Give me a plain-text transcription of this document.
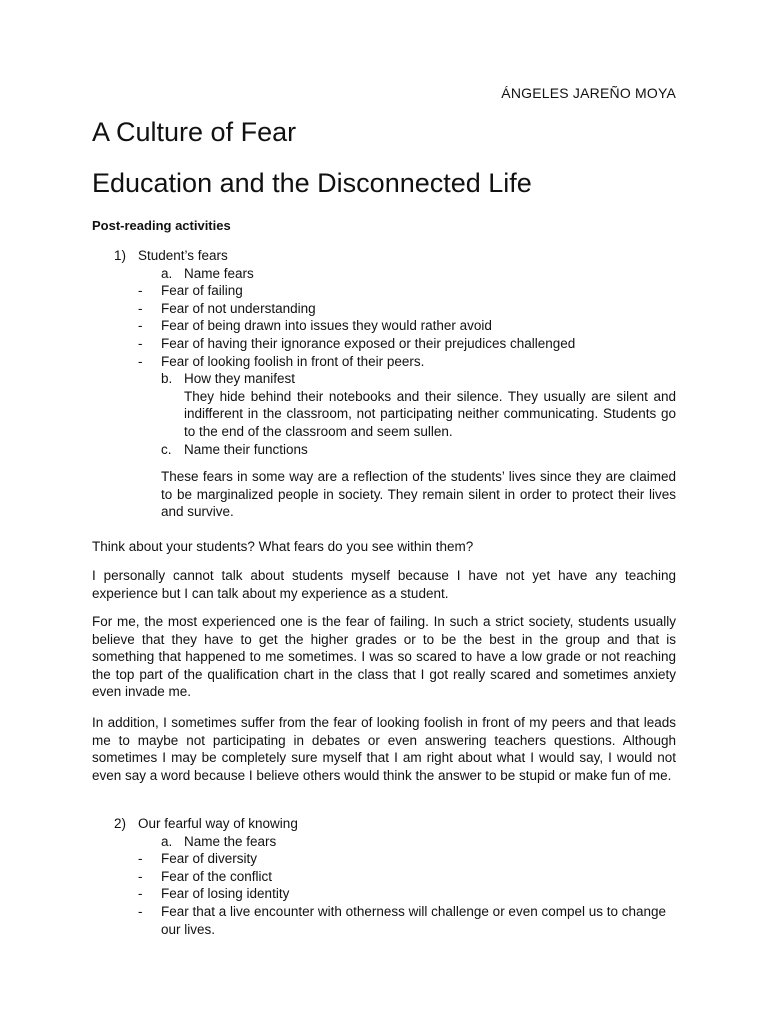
ÁNGELES JAREÑO MOYA
A Culture of Fear
Education and the Disconnected Life
Post-reading activities
1) Student’s fears
a. Name fears
- Fear of failing
- Fear of not understanding
- Fear of being drawn into issues they would rather avoid
- Fear of having their ignorance exposed or their prejudices challenged
- Fear of looking foolish in front of their peers.
b. How they manifest

They hide behind their notebooks and their silence. They usually are silent and indifferent in the classroom, not participating neither communicating. Students go to the end of the classroom and seem sullen.

c. Name their functions

These fears in some way are a reflection of the students’ lives since they are claimed to be marginalized people in society. They remain silent in order to protect their lives and survive.

Think about your students? What fears do you see within them?

I personally cannot talk about students myself because I have not yet have any teaching experience but I can talk about my experience as a student.

For me, the most experienced one is the fear of failing. In such a strict society, students usually believe that they have to get the higher grades or to be the best in the group and that is something that happened to me sometimes. I was so scared to have a low grade or not reaching the top part of the qualification chart in the class that I got really scared and sometimes anxiety even invade me.

In addition, I sometimes suffer from the fear of looking foolish in front of my peers and that leads me to maybe not participating in debates or even answering teachers questions. Although sometimes I may be completely sure myself that I am right about what I would say, I would not even say a word because I believe others would think the answer to be stupid or make fun of me.

2) Our fearful way of knowing
a. Name the fears
- Fear of diversity
- Fear of the conflict
- Fear of losing identity
- Fear that a live encounter with otherness will challenge or even compel us to change our lives.
